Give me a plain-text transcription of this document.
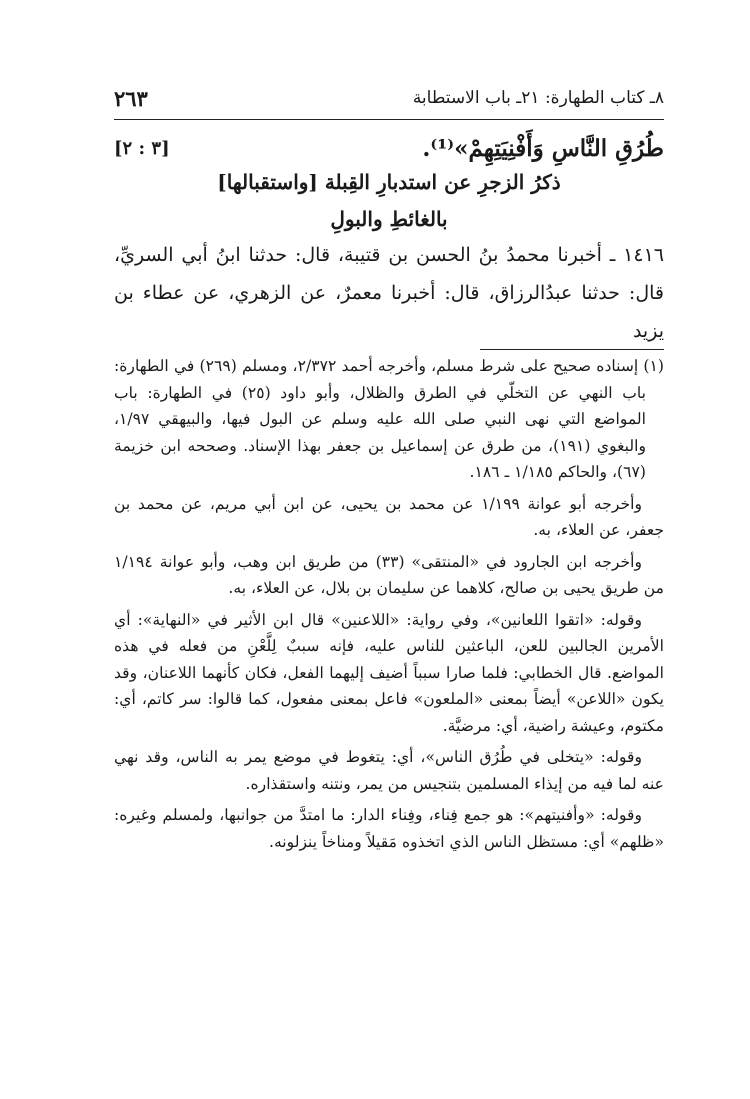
٨ـ كتاب الطهارة: ٢١ـ باب الاستطابة
٢٦٣
طُرُقِ النَّاسِ وَأَفْنِيَتِهِمْ»⁽¹⁾.
[٣ : ٢]
ذكرُ الزجرِ عن استدبارِ القِبلة [واستقبالها]
بالغائطِ والبولِ

١٤١٦ ـ أخبرنا محمدُ بنُ الحسن بن قتيبة، قال: حدثنا ابنُ أبي السريِّ، قال: حدثنا عبدُالرزاق، قال: أخبرنا معمرٌ، عن الزهري، عن عطاء بن يزيد

(١) إسناده صحيح على شرط مسلم، وأخرجه أحمد ٢/٣٧٢، ومسلم (٢٦٩) في الطهارة: باب النهي عن التخلّي في الطرق والظلال، وأبو داود (٢٥) في الطهارة: باب المواضع التي نهى النبي صلى الله عليه وسلم عن البول فيها، والبيهقي ١/٩٧، والبغوي (١٩١)، من طرق عن إسماعيل بن جعفر بهذا الإسناد. وصححه ابن خزيمة (٦٧)، والحاكم ١/١٨٥ ـ ١٨٦.

وأخرجه أبو عوانة ١/١٩٩ عن محمد بن يحيى، عن ابن أبي مريم، عن محمد بن جعفر، عن العلاء، به.

وأخرجه ابن الجارود في «المنتقى» (٣٣) من طريق ابن وهب، وأبو عوانة ١/١٩٤ من طريق يحيى بن صالح، كلاهما عن سليمان بن بلال، عن العلاء، به.

وقوله: «اتقوا اللعانين»، وفي رواية: «اللاعنين» قال ابن الأثير في «النهاية»: أي الأمرين الجالبين للعن، الباعثين للناس عليه، فإنه سببٌ لِلَّعْنِ من فعله في هذه المواضع. قال الخطابي: فلما صارا سبباً أضيف إليهما الفعل، فكان كأنهما اللاعنان، وقد يكون «اللاعن» أيضاً بمعنى «الملعون» فاعل بمعنى مفعول، كما قالوا: سر كاتم، أي: مكتوم، وعيشة راضية، أي: مرضيَّة.

وقوله: «يتخلى في طُرُق الناس»، أي: يتغوط في موضع يمر به الناس، وقد نهي عنه لما فيه من إيذاء المسلمين بتنجيس من يمر، ونتنه واستقذاره.

وقوله: «وأفنيتهم»: هو جمع فِناء، وفِناء الدار: ما امتدَّ من جوانبها، ولمسلم وغيره: «ظلهم» أي: مستظل الناس الذي اتخذوه مَقيلاً ومناخاً ينزلونه.
